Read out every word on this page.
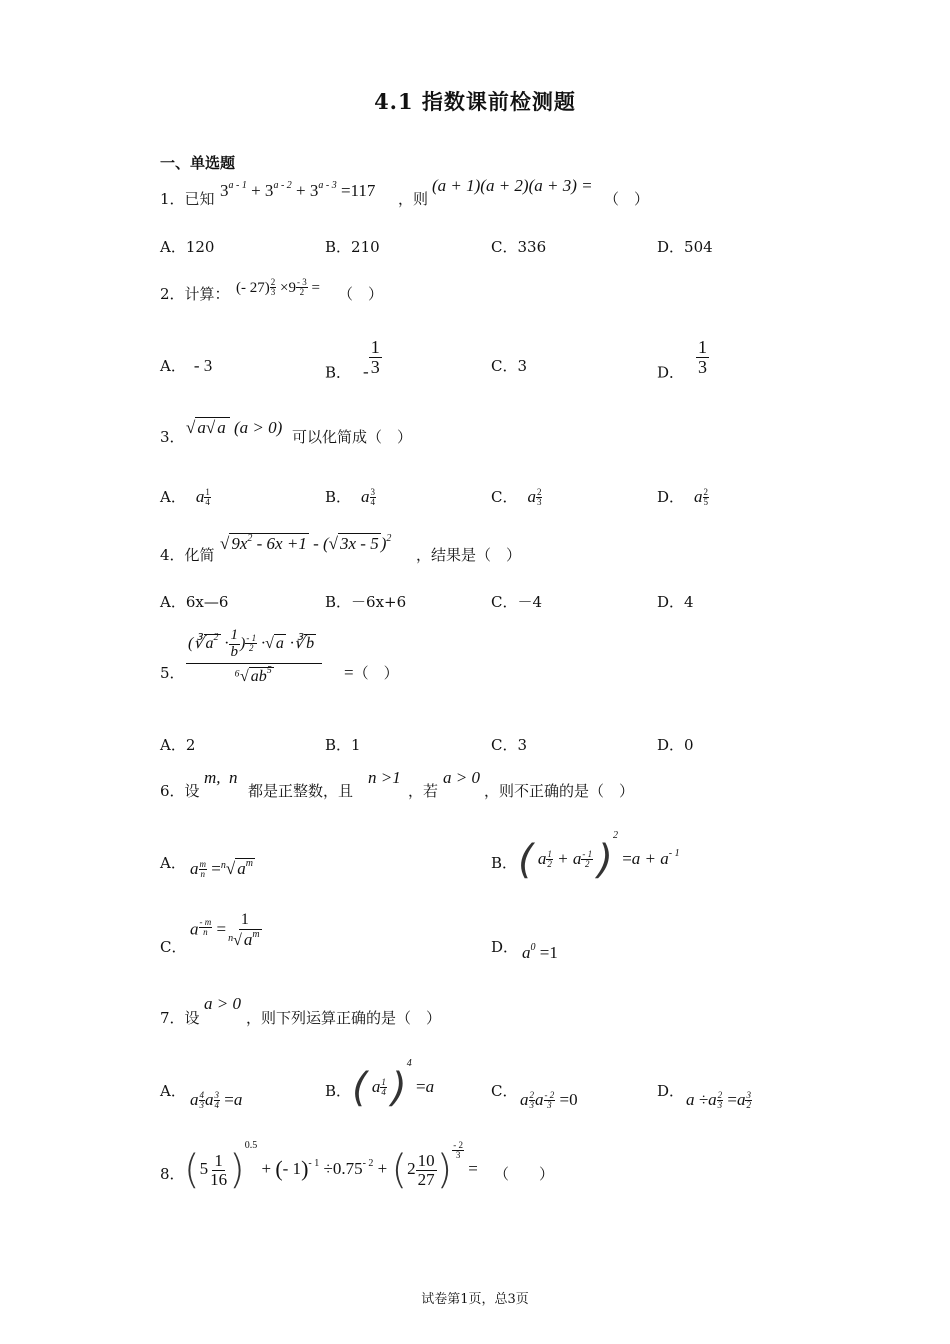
4.1 指数课前检测题
一、单选题
1．已知 $3^{a - 1} + 3^{a - 2} + 3^{a - 3} =117$ ，则
(a + 1)(a + 2)(a + 3) =
（　）
A．120	B．210	C．336	D．504
2．计算： (- $27) \frac{2}{3} \times 9 \frac{- 3}{2}$ = （　）
A． - 3	B． - $\frac{1}{3}$	C．3	D． $\frac{1}{3}$
3． √ a√ a (a > 0) 可以化简成（　）
A． a $\frac{1}{4}$	B． a $\frac{3}{4}$	C． a $\frac{2}{3}$	D． a $\frac{2}{5}$
4．化简
√ $9x^2 - 6x +1$ - (√ 3x - 5 )$^2$
，结果是（　）
A．6x—6	B．－6x+6	C．－4	D．4
5． $\frac{(∛ a^2 \cdot \frac{1}{b} ) \frac{- 1}{2} \cdot√ a \cdot∛ b}{^6√ ab^5}$ =（　）
A．2	B．1	C．3	D．0
6．设
m,  n
都是正整数，且
n >1
，若
a > 0
，则不正确的是（　）
A． a $\frac{m}{n} =^n√$ $a^m$	B． ( a $\frac{1}{2} + a \frac{- 1}{2} )^2 =a + a^{- 1}$
C．
a $\frac{- m}{n} = \frac{1}{^n√ a^m}$	D． $a^0 =1$
7．设
a > 0
，则下列运算正确的是（　）
A． a $\frac{4}{3}$ a $\frac{3}{4} =a$	B． ( a $\frac{1}{4} )^4 =a$	C． a $\frac{2}{3}$ a $\frac{- 2}{3} =0$	D． $a \div a \frac{2}{3} =a \frac{3}{2}$
8． $(5 \frac{1}{16} )^{0.5}$ + (- $1)^{- 1} \div 0.75^{- 2} + (2 \frac{10}{27}$ ) $\frac{- 2}{3}$
= （　　）
试卷第1页，总3页
